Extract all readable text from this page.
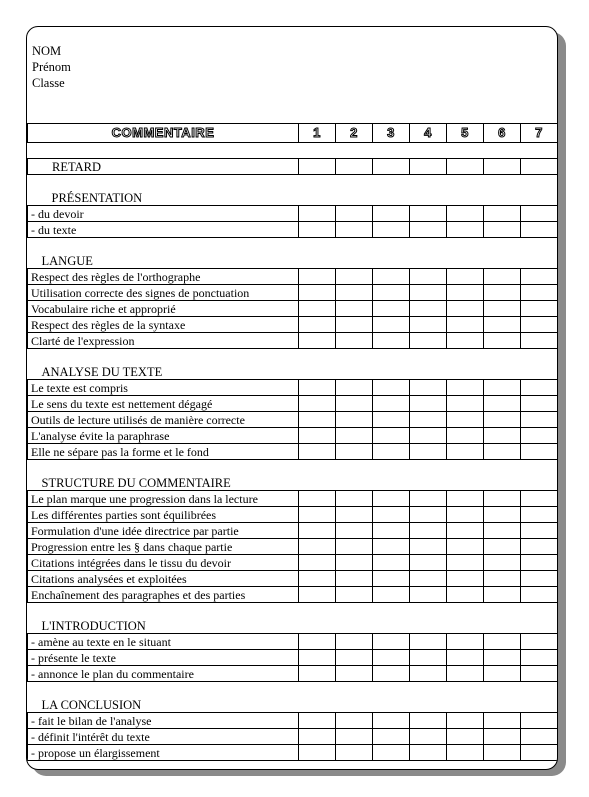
NOM
Prénom
Classe
COMMENTAIRE	1	2	3	4	5	6	7

RETARD							

PRÉSENTATION							
- du devoir							
- du texte							

LANGUE							
Respect des règles de l'orthographe							
Utilisation correcte des signes de ponctuation							
Vocabulaire riche et approprié							
Respect des règles de la syntaxe							
Clarté de l'expression							

ANALYSE DU TEXTE							
Le texte est compris							
Le sens du texte est nettement dégagé							
Outils de lecture utilisés de manière correcte							
L'analyse évite la paraphrase							
Elle ne sépare pas la forme et le fond							

STRUCTURE DU COMMENTAIRE							
Le plan marque une progression dans la lecture							
Les différentes parties sont équilibrées							
Formulation d'une idée directrice par partie							
Progression entre les § dans chaque partie							
Citations intégrées dans le tissu du devoir							
Citations analysées et exploitées							
Enchaînement des paragraphes et des parties							

L'INTRODUCTION							
- amène au texte en le situant							
- présente le texte							
- annonce le plan du commentaire							

LA CONCLUSION							
- fait le bilan de l'analyse							
- définit l'intérêt du texte							
- propose un élargissement							
